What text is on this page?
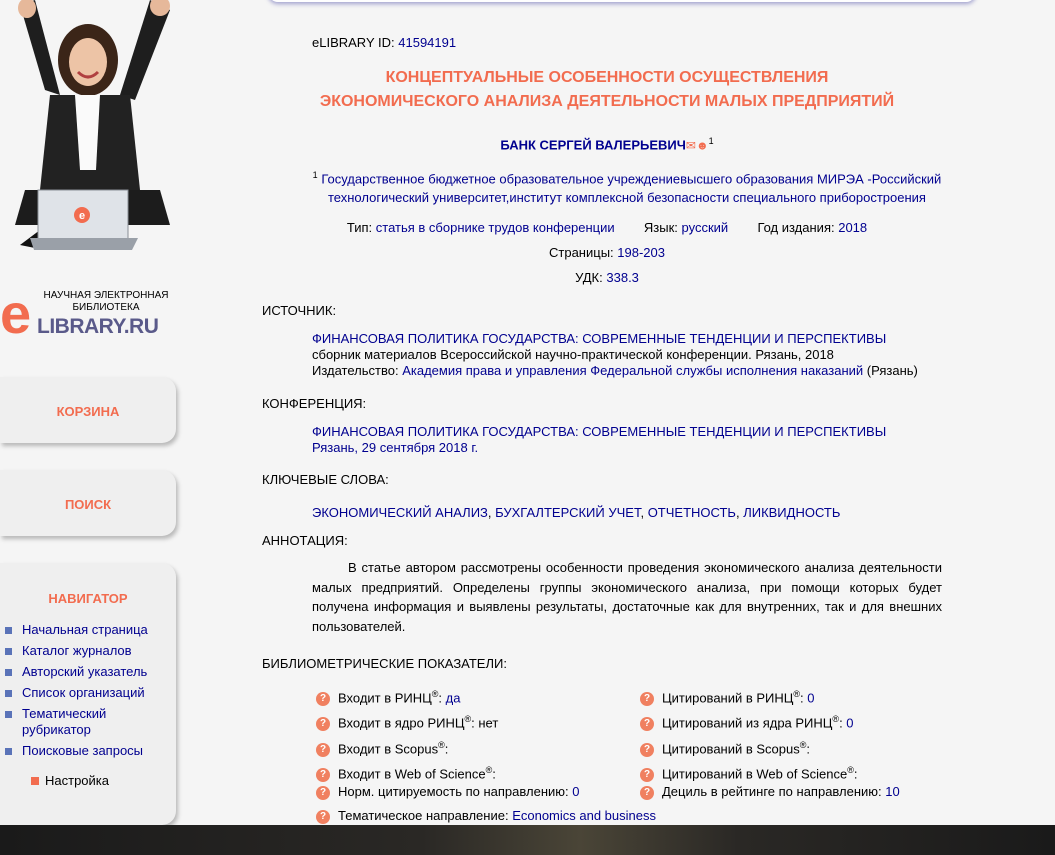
e
e	НАУЧНАЯ ЭЛЕКТРОННАЯ БИБЛИОТЕКА
LIBRARY.RU
КОРЗИНА
ПОИСК
НАВИГАТОР
Начальная страница
Каталог журналов
Авторский указатель
Список организаций
Тематический рубрикатор
Поисковые запросы
Настройка
eLIBRARY ID: 41594191
КОНЦЕПТУАЛЬНЫЕ ОСОБЕННОСТИ ОСУЩЕСТВЛЕНИЯ
ЭКОНОМИЧЕСКОГО АНАЛИЗА ДЕЯТЕЛЬНОСТИ МАЛЫХ ПРЕДПРИЯТИЙ
БАНК СЕРГЕЙ ВАЛЕРЬЕВИЧ✉☻$^1$
$^1$ Государственное бюджетное образовательное учреждениевысшего образования МИРЭА -Российский технологический университет,институт комплексной безопасности специального приборостроения
Тип: статья в сборнике трудов конференции Язык: русский Год издания: 2018
Страницы: 198-203
УДК: 338.3
ИСТОЧНИК:
ФИНАНСОВАЯ ПОЛИТИКА ГОСУДАРСТВА: СОВРЕМЕННЫЕ ТЕНДЕНЦИИ И ПЕРСПЕКТИВЫ
сборник материалов Всероссийской научно-практической конференции. Рязань, 2018
Издательство: Академия права и управления Федеральной службы исполнения наказаний (Рязань)
КОНФЕРЕНЦИЯ:
ФИНАНСОВАЯ ПОЛИТИКА ГОСУДАРСТВА: СОВРЕМЕННЫЕ ТЕНДЕНЦИИ И ПЕРСПЕКТИВЫ
Рязань, 29 сентября 2018 г.
КЛЮЧЕВЫЕ СЛОВА:
ЭКОНОМИЧЕСКИЙ АНАЛИЗ, БУХГАЛТЕРСКИЙ УЧЕТ, ОТЧЕТНОСТЬ, ЛИКВИДНОСТЬ
АННОТАЦИЯ:
В статье автором рассмотрены особенности проведения экономического анализа деятельности малых предприятий. Определены группы экономического анализа, при помощи которых будет получена информация и выявлены результаты, достаточные как для внутренних, так и для внешних пользователей.
БИБЛИОМЕТРИЧЕСКИЕ ПОКАЗАТЕЛИ:
? Входит в РИНЦ®: да
? Входит в ядро РИНЦ®: нет
? Входит в Scopus®:
? Входит в Web of Science®:
? Норм. цитируемость по направлению: 0
? Тематическое направление: Economics and business
? Цитирований в РИНЦ®: 0
? Цитирований из ядра РИНЦ®: 0
? Цитирований в Scopus®:
? Цитирований в Web of Science®:
? Дециль в рейтинге по направлению: 10
